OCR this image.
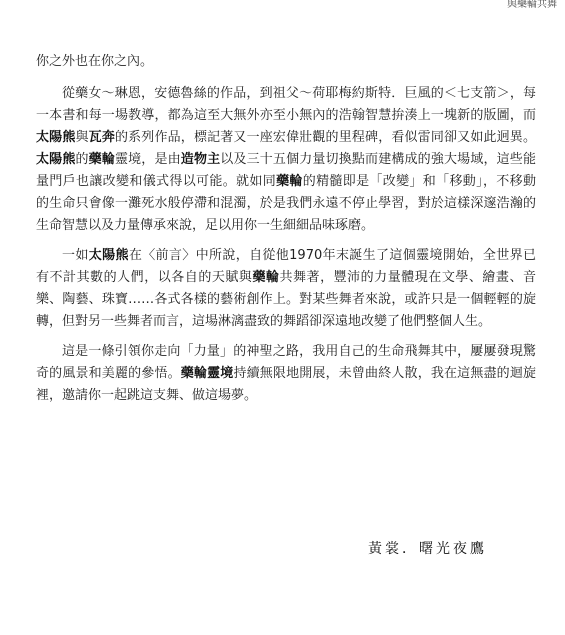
與藥輪共舞

你之外也在你之內。

從藥女～琳恩，安德魯絲的作品，到祖父～荷耶梅約斯特．巨風的＜七支箭＞，每一本書和每一場教導，都為這至大無外亦至小無內的浩翰智慧拚湊上一塊新的版圖，而太陽熊與瓦奔的系列作品，標記著又一座宏偉壯觀的里程碑，看似雷同卻又如此迥異。太陽熊的藥輪靈境，是由造物主以及三十五個力量切換點而建構成的強大場域，這些能量門戶也讓改變和儀式得以可能。就如同藥輪的精髓即是「改變」和「移動」，不移動的生命只會像一灘死水般停滯和混濁，於是我們永遠不停止學習，對於這樣深邃浩瀚的生命智慧以及力量傳承來說，足以用你一生細細品味琢磨。

一如太陽熊在〈前言〉中所說，自從他1970年末誕生了這個靈境開始，全世界已有不計其數的人們，以各自的天賦與藥輪共舞著，豐沛的力量體現在文學、繪畫、音樂、陶藝、珠寶……各式各樣的藝術創作上。對某些舞者來說，或許只是一個輕輕的旋轉，但對另一些舞者而言，這場淋漓盡致的舞蹈卻深遠地改變了他們整個人生。

這是一條引領你走向「力量」的神聖之路，我用自己的生命飛舞其中，屢屢發現驚奇的風景和美麗的參悟。藥輪靈境持續無限地開展，未曾曲終人散，我在這無盡的迴旋裡，邀請你一起跳這支舞、做這場夢。

黃裳．曙光夜鷹
